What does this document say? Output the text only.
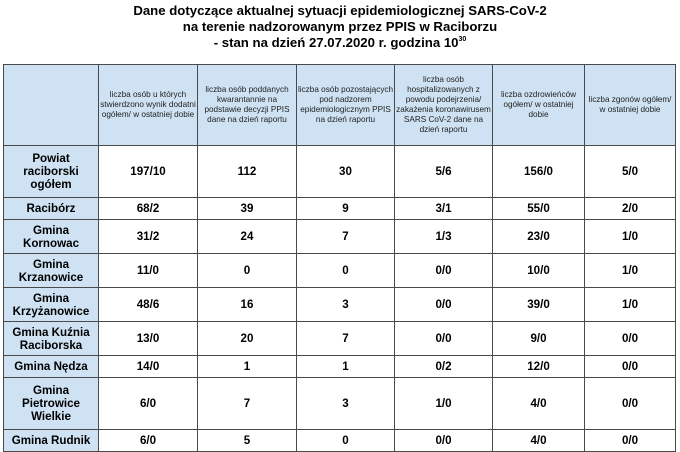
Dane dotyczące aktualnej sytuacji epidemiologicznej SARS-CoV-2
na terenie nadzorowanym przez PPIS w Raciborzu
- stan na dzień 27.07.2020 r. godzina $10^{30}$
	liczba osób u których stwierdzono wynik dodatni ogółem/ w ostatniej dobie	liczba osób poddanych kwarantannie na podstawie decyzji PPIS dane na dzień raportu	liczba osób pozostających pod nadzorem epidemiologicznym PPIS na dzień raportu	liczba osób hospitalizowanych z powodu podejrzenia/ zakażenia koronawirusem SARS CoV-2 dane na dzień raportu	liczba ozdrowieńców ogółem/ w ostatniej dobie	liczba zgonów ogółem/ w ostatniej dobie
Powiat raciborski ogółem	197/10	112	30	5/6	156/0	5/0
Racibórz	68/2	39	9	3/1	55/0	2/0
Gmina Kornowac	31/2	24	7	1/3	23/0	1/0
Gmina Krzanowice	11/0	0	0	0/0	10/0	1/0
Gmina Krzyżanowice	48/6	16	3	0/0	39/0	1/0
Gmina Kuźnia Raciborska	13/0	20	7	0/0	9/0	0/0
Gmina Nędza	14/0	1	1	0/2	12/0	0/0
Gmina Pietrowice Wielkie	6/0	7	3	1/0	4/0	0/0
Gmina Rudnik	6/0	5	0	0/0	4/0	0/0
